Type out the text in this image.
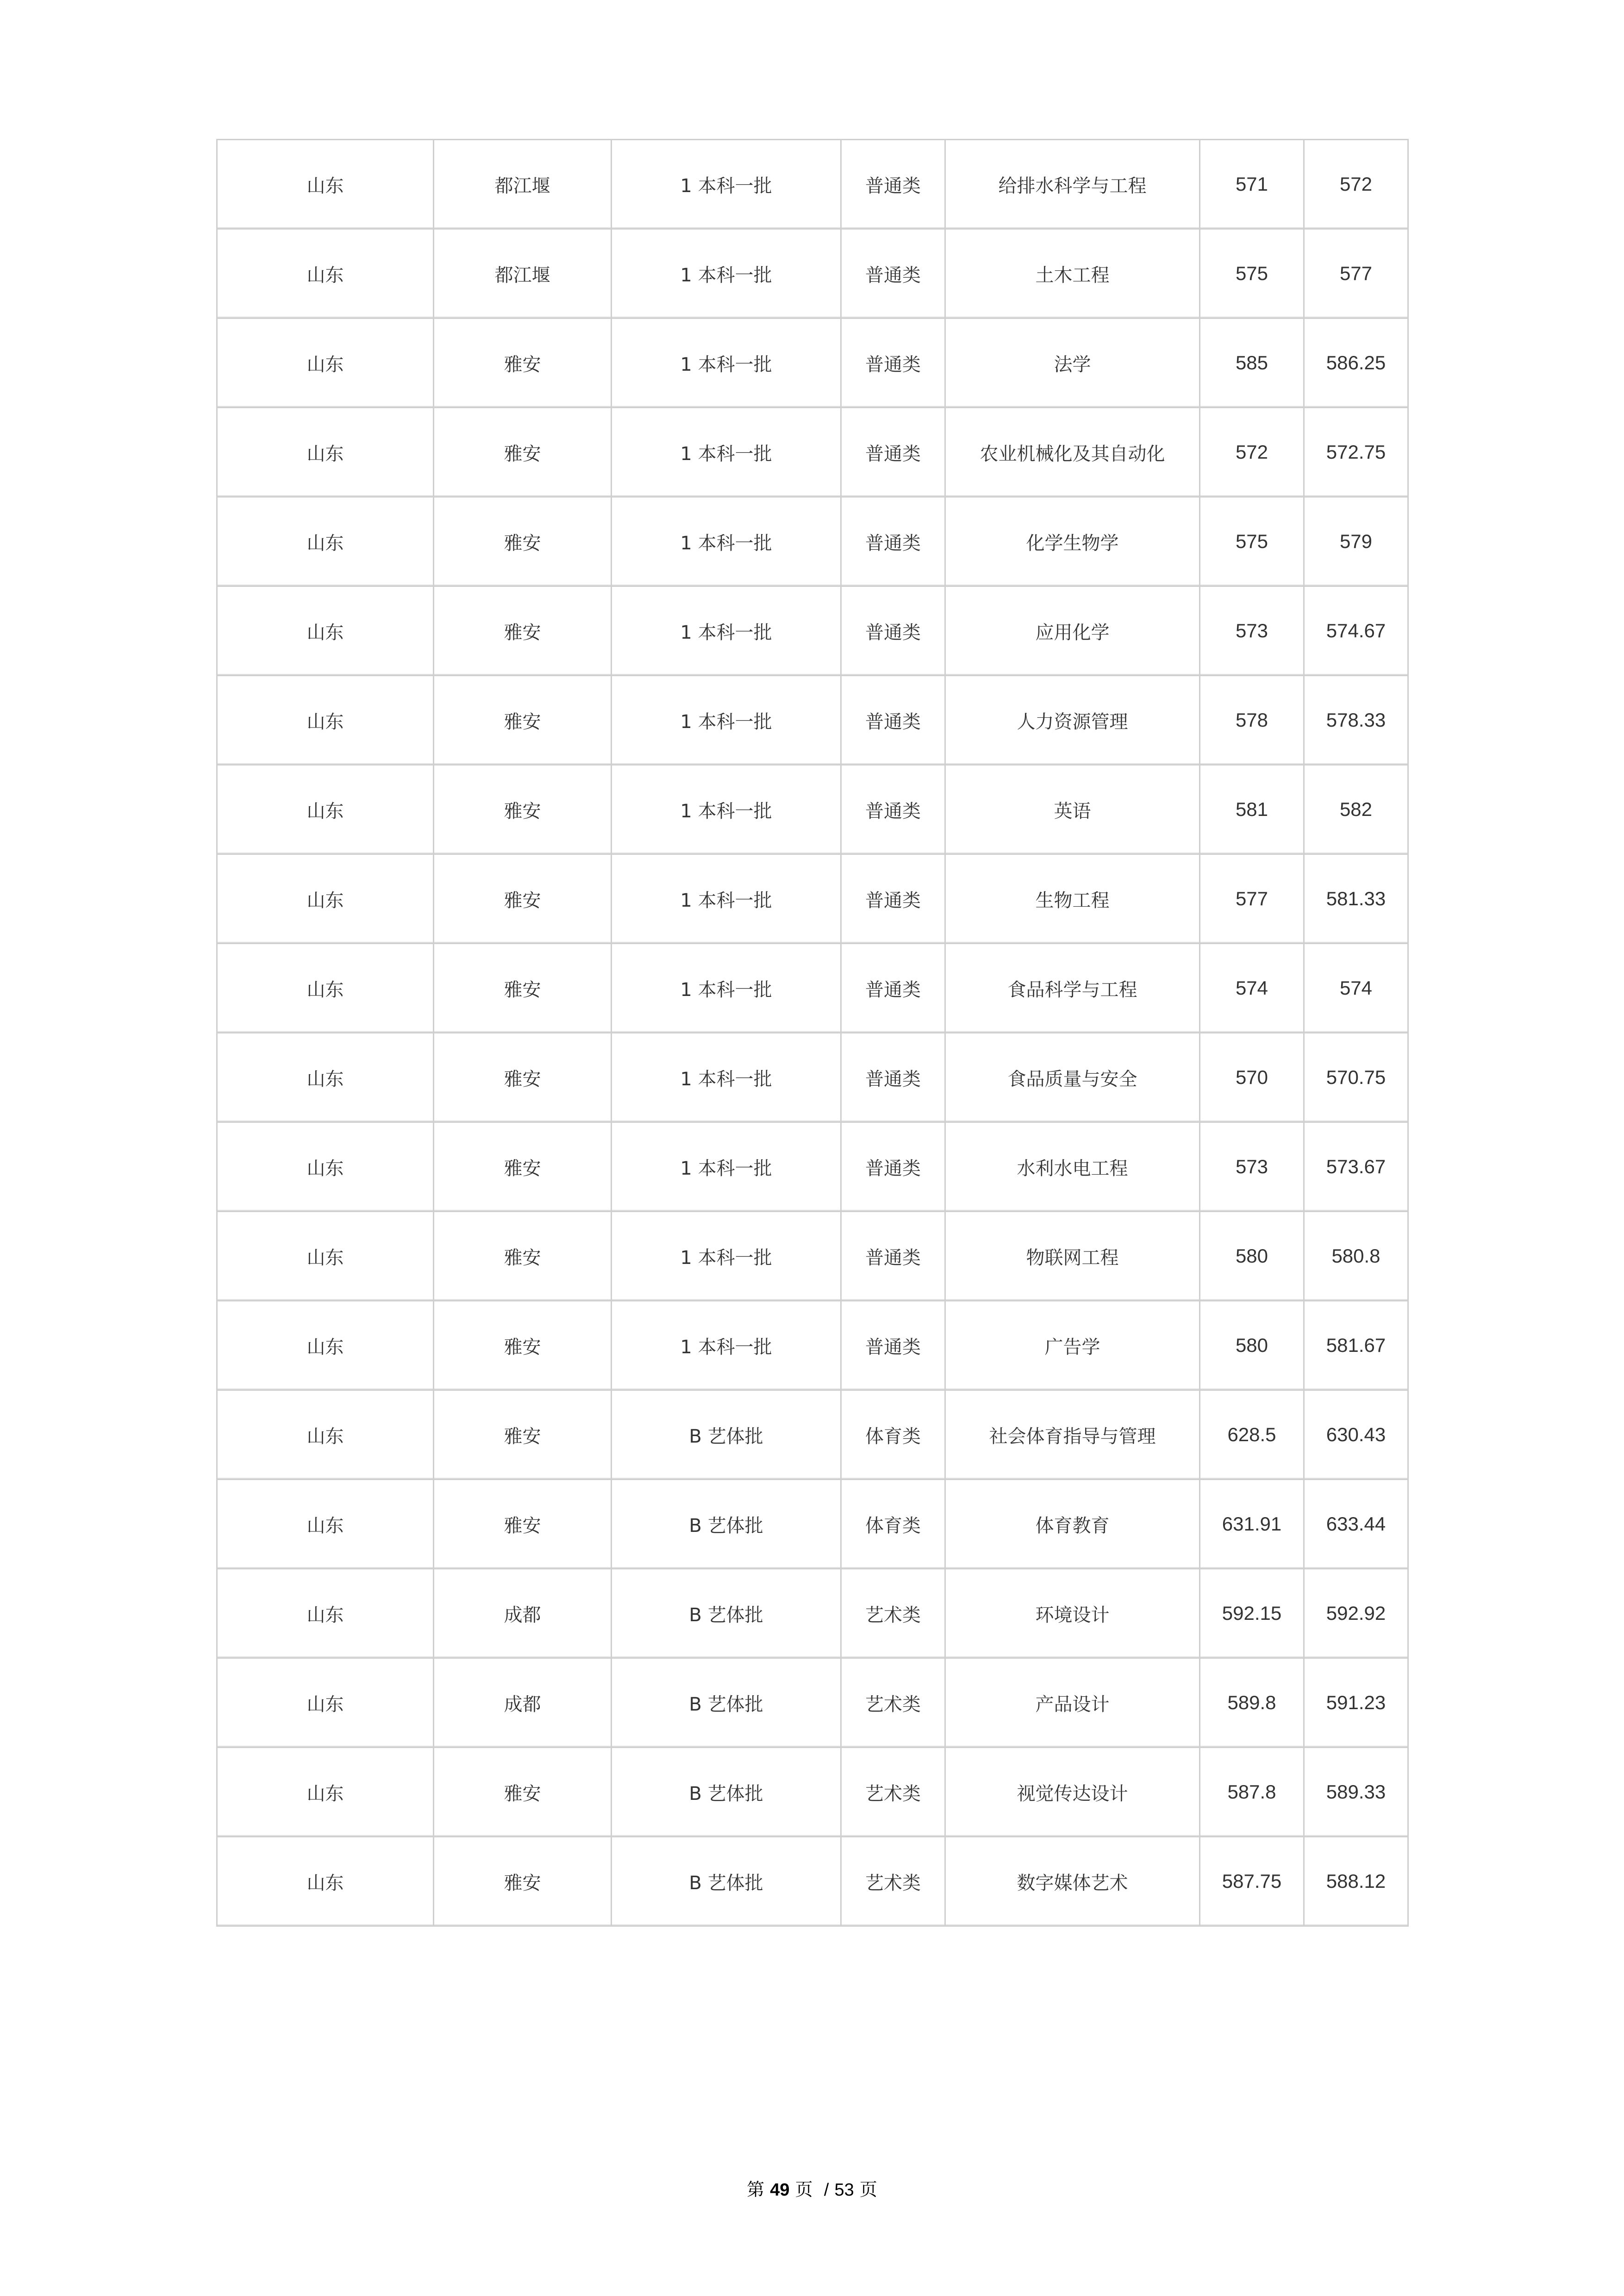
山东	都江堰	1 本科一批	普通类	给排水科学与工程	571	572
山东	都江堰	1 本科一批	普通类	土木工程	575	577
山东	雅安	1 本科一批	普通类	法学	585	586.25
山东	雅安	1 本科一批	普通类	农业机械化及其自动化	572	572.75
山东	雅安	1 本科一批	普通类	化学生物学	575	579
山东	雅安	1 本科一批	普通类	应用化学	573	574.67
山东	雅安	1 本科一批	普通类	人力资源管理	578	578.33
山东	雅安	1 本科一批	普通类	英语	581	582
山东	雅安	1 本科一批	普通类	生物工程	577	581.33
山东	雅安	1 本科一批	普通类	食品科学与工程	574	574
山东	雅安	1 本科一批	普通类	食品质量与安全	570	570.75
山东	雅安	1 本科一批	普通类	水利水电工程	573	573.67
山东	雅安	1 本科一批	普通类	物联网工程	580	580.8
山东	雅安	1 本科一批	普通类	广告学	580	581.67
山东	雅安	B 艺体批	体育类	社会体育指导与管理	628.5	630.43
山东	雅安	B 艺体批	体育类	体育教育	631.91	633.44
山东	成都	B 艺体批	艺术类	环境设计	592.15	592.92
山东	成都	B 艺体批	艺术类	产品设计	589.8	591.23
山东	雅安	B 艺体批	艺术类	视觉传达设计	587.8	589.33
山东	雅安	B 艺体批	艺术类	数字媒体艺术	587.75	588.12
第 49 页 / 53 页
